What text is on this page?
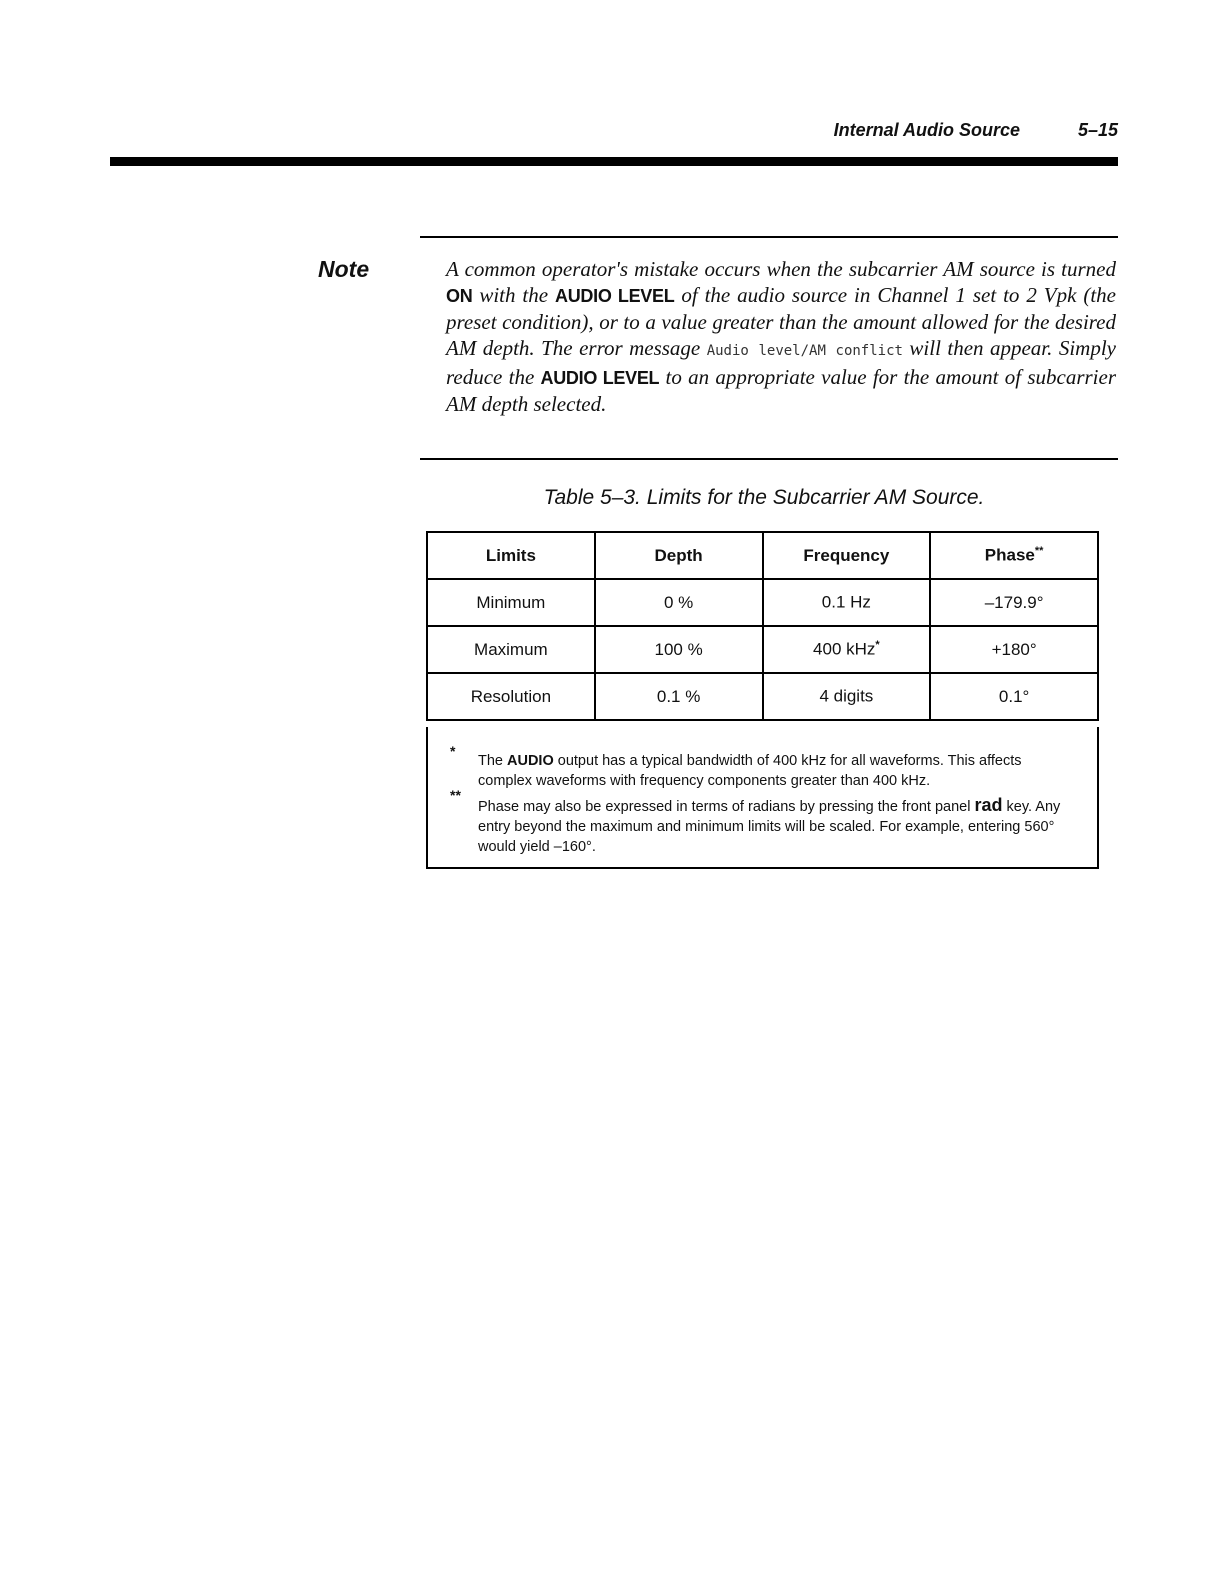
Internal Audio Source	5–15
Note	A common operator's mistake occurs when the subcarrier AM source is turned ON with the AUDIO LEVEL of the audio source in Channel 1 set to 2 Vpk (the preset condition), or to a value greater than the amount allowed for the desired AM depth. The error message Audio level/AM conflict will then appear. Simply reduce the AUDIO LEVEL to an appropriate value for the amount of subcarrier AM depth selected.

Table 5–3. Limits for the Subcarrier AM Source.
Limits	Depth	Frequency	Phase**
Minimum	0 %	0.1 Hz	–179.9°
Maximum	100 %	400 kHz*	+180°
Resolution	0.1 %	4 digits	0.1°
*

The AUDIO output has a typical bandwidth of 400 kHz for all waveforms. This affects complex waveforms with frequency components greater than 400 kHz.

**

Phase may also be expressed in terms of radians by pressing the front panel rad key. Any entry beyond the maximum and minimum limits will be scaled. For example, entering 560° would yield –160°.
